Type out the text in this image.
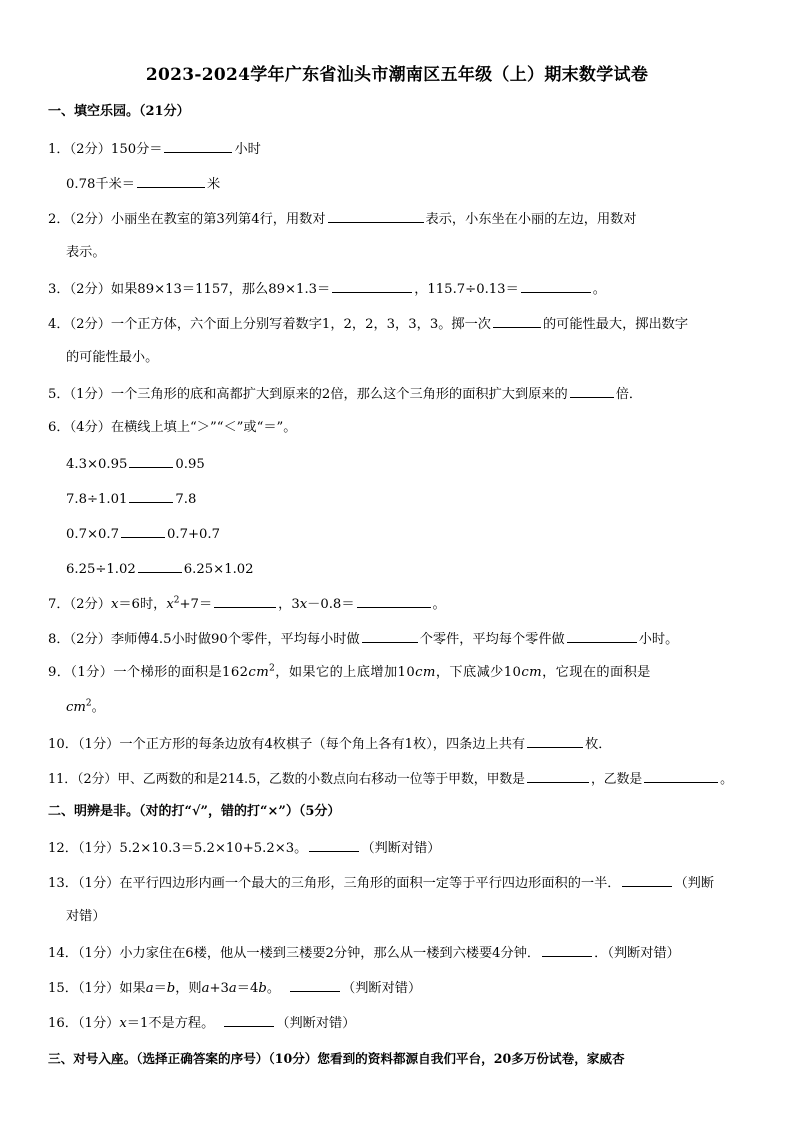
2023-2024学年广东省汕头市潮南区五年级（上）期末数学试卷
一、填空乐园。（21分）
1．（2分）150分＝	小时
0.78千米＝	米
2．（2分）小丽坐在教室的第3列第4行，用数对	表示，小东坐在小丽的左边，用数对
表示。
3．（2分）如果89×13＝1157，那么89×1.3＝	，115.7÷0.13＝	。
4．（2分）一个正方体，六个面上分别写着数字1，2，2，3，3，3。掷一次	的可能性最大，掷出数字
的可能性最小。
5．（1分）一个三角形的底和高都扩大到原来的2倍，那么这个三角形的面积扩大到原来的	倍．
6．（4分）在横线上填上“＞”“＜”或“＝”。
4.3×0.95	0.95
7.8÷1.01	7.8
0.7×0.7	0.7+0.7
6.25÷1.02	6.25×1.02
7．（2分）x＝6时，$x^2+7=$	，3x－0.8＝	。
8．（2分）李师傅4.5小时做90个零件，平均每小时做	个零件，平均每个零件做	小时。
9．（1分）一个梯形的面积是$162cm^2$，如果它的上底增加10cm，下底减少10cm，它现在的面积是
$cm^2$。
10．（1分）一个正方形的每条边放有4枚棋子（每个角上各有1枚），四条边上共有	枚．
11．（2分）甲、乙两数的和是214.5，乙数的小数点向右移动一位等于甲数，甲数是	，乙数是	。
二、明辨是非。（对的打“√”，错的打“×”）（5分）
12．（1分）5.2×10.3＝5.2×10+5.2×3。	（判断对错）
13．（1分）在平行四边形内画一个最大的三角形，三角形的面积一定等于平行四边形面积的一半．	（判断
对错）
14．（1分）小力家住在6楼，他从一楼到三楼要2分钟，那么从一楼到六楼要4分钟．	．（判断对错）
15．（1分）如果a＝b，则a+3a＝4b。	（判断对错）
16．（1分）x＝1不是方程。	（判断对错）
三、对号入座。（选择正确答案的序号）（10分）您看到的资料都源自我们平台，20多万份试卷，家威杏
